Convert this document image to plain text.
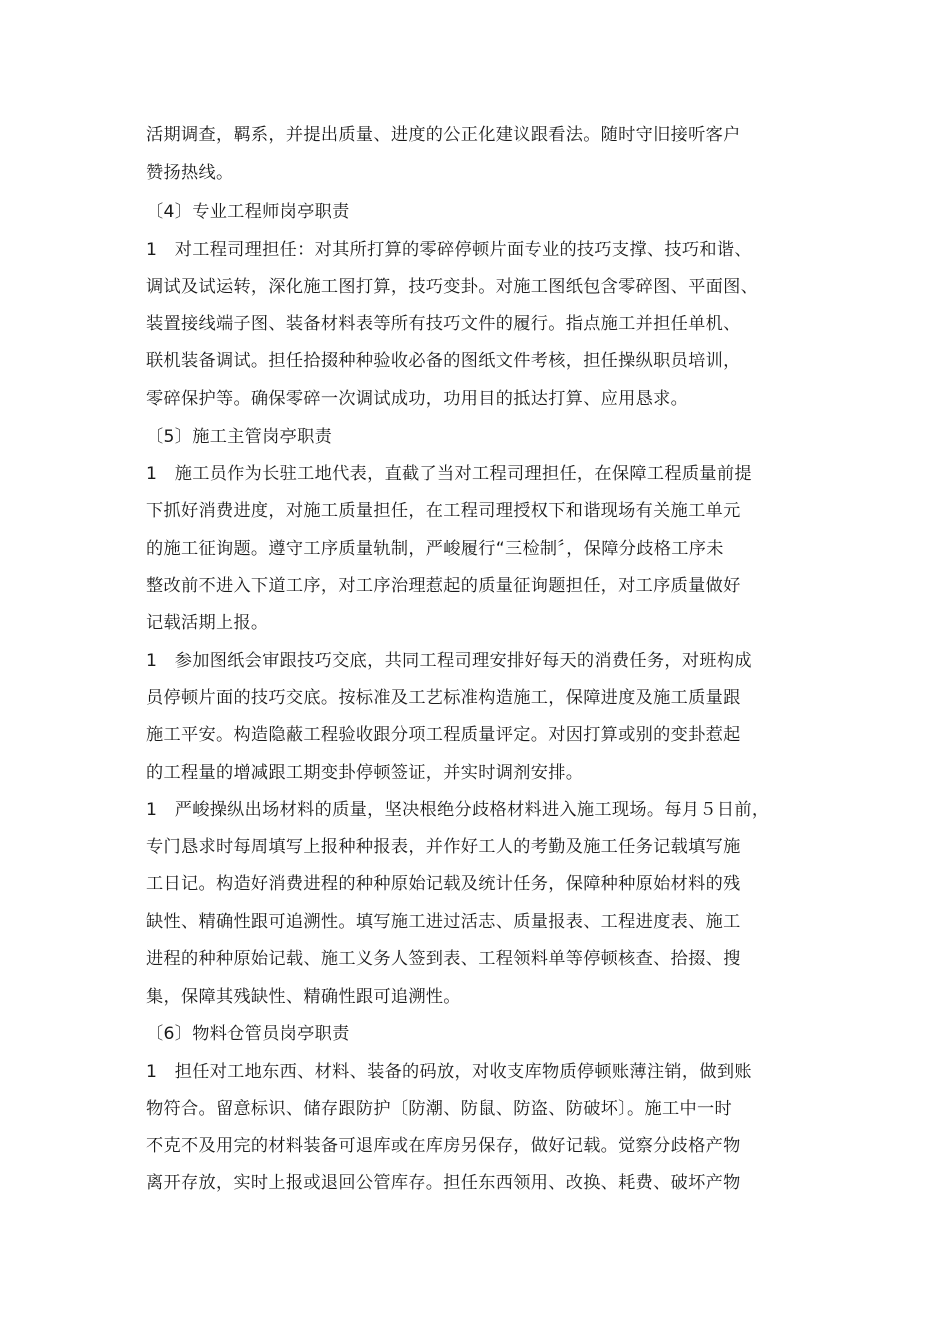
活期调查，羁系，并提出质量、进度的公正化建议跟看法。随时守旧接听客户
赞扬热线。
〔4〕专业工程师岗亭职责
1　对工程司理担任：对其所打算的零碎停顿片面专业的技巧支撑、技巧和谐、
调试及试运转，深化施工图打算，技巧变卦。对施工图纸包含零碎图、平面图、
装置接线端子图、装备材料表等所有技巧文件的履行。指点施工并担任单机、
联机装备调试。担任拾掇种种验收必备的图纸文件考核，担任操纵职员培训，
零碎保护等。确保零碎一次调试成功，功用目的抵达打算、应用恳求。
〔5〕施工主管岗亭职责
1　施工员作为长驻工地代表，直截了当对工程司理担任，在保障工程质量前提
下抓好消费进度，对施工质量担任，在工程司理授权下和谐现场有关施工单元
的施工征询题。遵守工序质量轨制，严峻履行“三检制〞，保障分歧格工序未
整改前不进入下道工序，对工序治理惹起的质量征询题担任，对工序质量做好
记载活期上报。
1　参加图纸会审跟技巧交底，共同工程司理安排好每天的消费任务，对班构成
员停顿片面的技巧交底。按标准及工艺标准构造施工，保障进度及施工质量跟
施工平安。构造隐蔽工程验收跟分项工程质量评定。对因打算或别的变卦惹起
的工程量的增减跟工期变卦停顿签证，并实时调剂安排。
1　严峻操纵出场材料的质量，坚决根绝分歧格材料进入施工现场。每月５日前，
专门恳求时每周填写上报种种报表，并作好工人的考勤及施工任务记载填写施
工日记。构造好消费进程的种种原始记载及统计任务，保障种种原始材料的残
缺性、精确性跟可追溯性。填写施工进过活志、质量报表、工程进度表、施工
进程的种种原始记载、施工义务人签到表、工程领料单等停顿核查、拾掇、搜
集，保障其残缺性、精确性跟可追溯性。
〔6〕物料仓管员岗亭职责
1　担任对工地东西、材料、装备的码放，对收支库物质停顿账薄注销，做到账
物符合。留意标识、储存跟防护〔防潮、防鼠、防盗、防破坏〕。施工中一时
不克不及用完的材料装备可退库或在库房另保存，做好记载。觉察分歧格产物
离开存放，实时上报或退回公管库存。担任东西领用、改换、耗费、破坏产物
